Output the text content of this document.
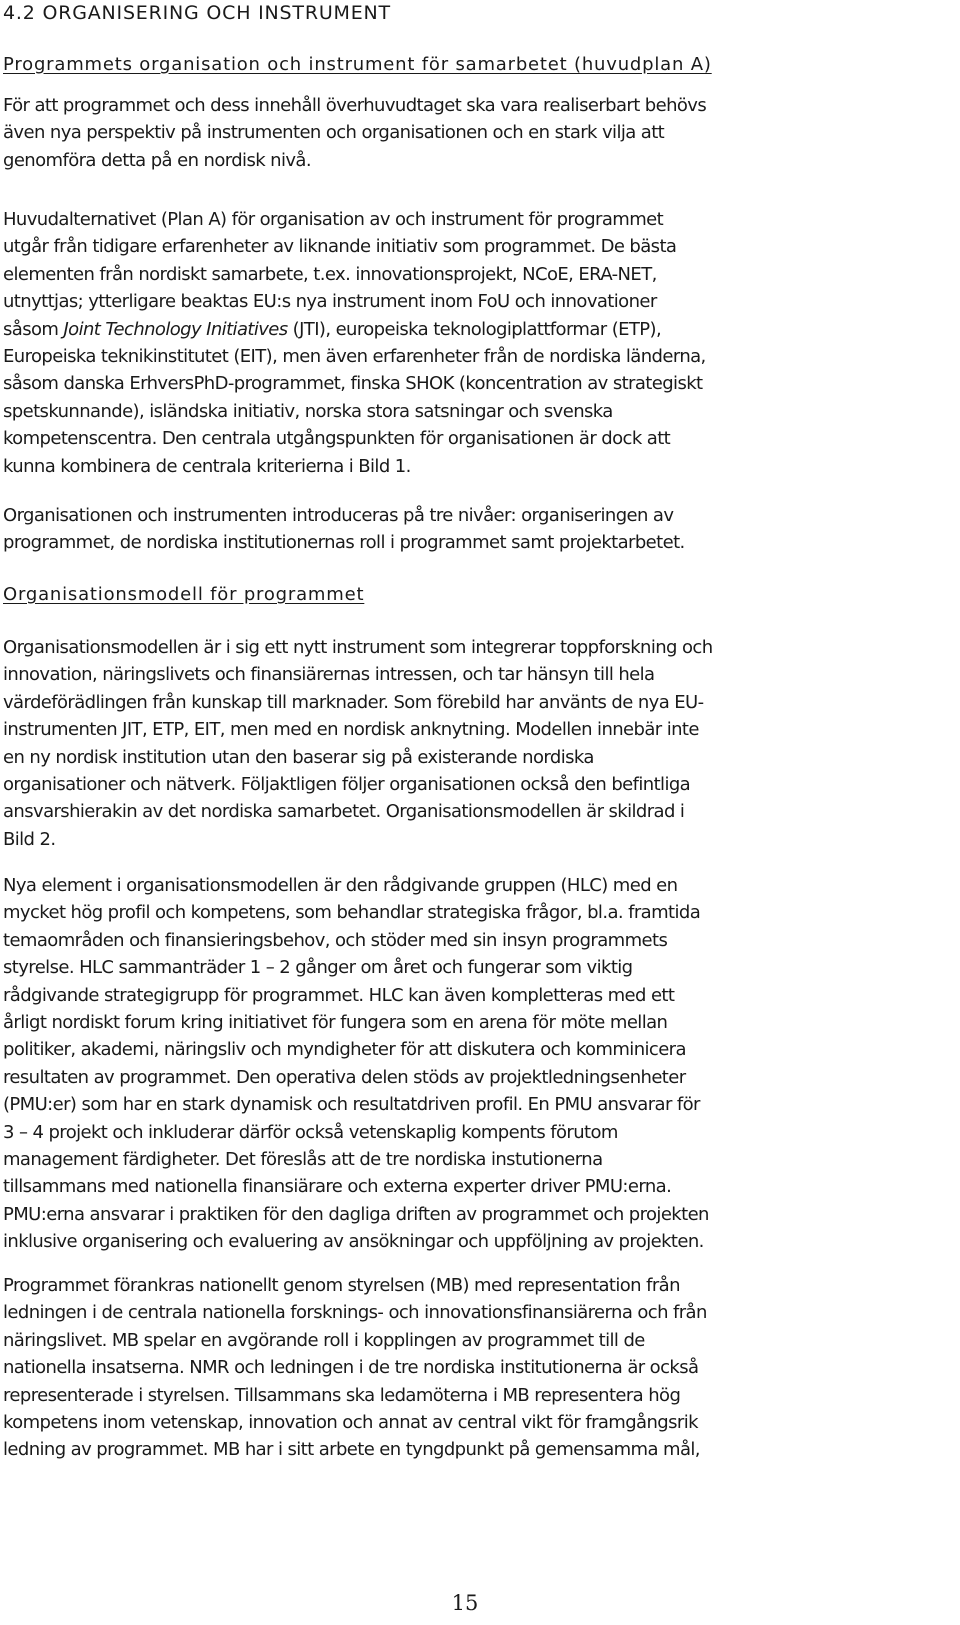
4.2 ORGANISERING OCH INSTRUMENT
Programmets organisation och instrument för samarbetet (huvudplan A)
För att programmet och dess innehåll överhuvudtaget ska vara realiserbart behövs
även nya perspektiv på instrumenten och organisationen och en stark vilja att
genomföra detta på en nordisk nivå.
Huvudalternativet (Plan A) för organisation av och instrument för programmet
utgår från tidigare erfarenheter av liknande initiativ som programmet. De bästa
elementen från nordiskt samarbete, t.ex. innovationsprojekt, NCoE, ERA-NET,
utnyttjas; ytterligare beaktas EU:s nya instrument inom FoU och innovationer
såsom Joint Technology Initiatives (JTI), europeiska teknologiplattformar (ETP),
Europeiska teknikinstitutet (EIT), men även erfarenheter från de nordiska länderna,
såsom danska ErhversPhD-programmet, finska SHOK (koncentration av strategiskt
spetskunnande), isländska initiativ, norska stora satsningar och svenska
kompetenscentra. Den centrala utgångspunkten för organisationen är dock att
kunna kombinera de centrala kriterierna i Bild 1.
Organisationen och instrumenten introduceras på tre nivåer: organiseringen av
programmet, de nordiska institutionernas roll i programmet samt projektarbetet.
Organisationsmodell för programmet
Organisationsmodellen är i sig ett nytt instrument som integrerar toppforskning och
innovation, näringslivets och finansiärernas intressen, och tar hänsyn till hela
värdeförädlingen från kunskap till marknader. Som förebild har använts de nya EU-
instrumenten JIT, ETP, EIT, men med en nordisk anknytning. Modellen innebär inte
en ny nordisk institution utan den baserar sig på existerande nordiska
organisationer och nätverk. Följaktligen följer organisationen också den befintliga
ansvarshierakin av det nordiska samarbetet. Organisationsmodellen är skildrad i
Bild 2.
Nya element i organisationsmodellen är den rådgivande gruppen (HLC) med en
mycket hög profil och kompetens, som behandlar strategiska frågor, bl.a. framtida
temaområden och finansieringsbehov, och stöder med sin insyn programmets
styrelse. HLC sammanträder 1 – 2 gånger om året och fungerar som viktig
rådgivande strategigrupp för programmet. HLC kan även kompletteras med ett
årligt nordiskt forum kring initiativet för fungera som en arena för möte mellan
politiker, akademi, näringsliv och myndigheter för att diskutera och komminicera
resultaten av programmet. Den operativa delen stöds av projektledningsenheter
(PMU:er) som har en stark dynamisk och resultatdriven profil. En PMU ansvarar för
3 – 4 projekt och inkluderar därför också vetenskaplig kompents förutom
management färdigheter. Det föreslås att de tre nordiska instutionerna
tillsammans med nationella finansiärare och externa experter driver PMU:erna.
PMU:erna ansvarar i praktiken för den dagliga driften av programmet och projekten
inklusive organisering och evaluering av ansökningar och uppföljning av projekten.
Programmet förankras nationellt genom styrelsen (MB) med representation från
ledningen i de centrala nationella forsknings- och innovationsfinansiärerna och från
näringslivet. MB spelar en avgörande roll i kopplingen av programmet till de
nationella insatserna. NMR och ledningen i de tre nordiska institutionerna är också
representerade i styrelsen. Tillsammans ska ledamöterna i MB representera hög
kompetens inom vetenskap, innovation och annat av central vikt för framgångsrik
ledning av programmet. MB har i sitt arbete en tyngdpunkt på gemensamma mål,
15
